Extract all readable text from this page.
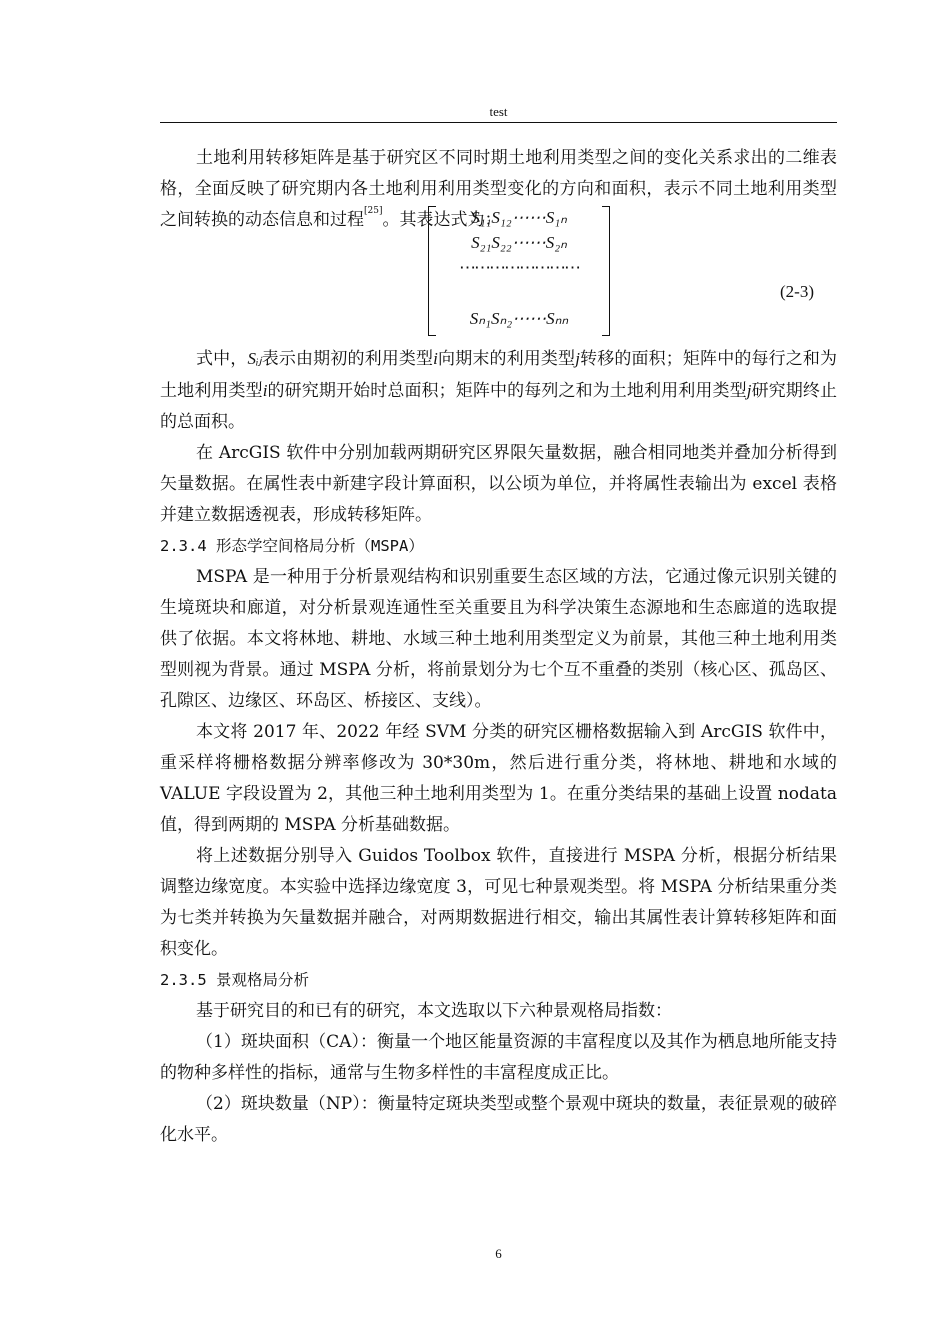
test

土地利用转移矩阵是基于研究区不同时期土地利用类型之间的变化关系求出的二维表格，全面反映了研究期内各土地利用利用类型变化的方向和面积，表示不同土地利用类型之间转换的动态信息和过程[25]。其表达式为：

S₁₁S₁₂⋯⋯S₁ₙ
S₂₁S₂₂⋯⋯S₂ₙ
⋯⋯⋯⋯⋯⋯⋯⋯
Sₙ₁Sₙ₂⋯⋯Sₙₙ
(2-3)

式中，Sᵢⱼ表示由期初的利用类型i向期末的利用类型j转移的面积；矩阵中的每行之和为土地利用类型i的研究期开始时总面积；矩阵中的每列之和为土地利用利用类型j研究期终止的总面积。

在 ArcGIS 软件中分别加载两期研究区界限矢量数据，融合相同地类并叠加分析得到矢量数据。在属性表中新建字段计算面积，以公顷为单位，并将属性表输出为 excel 表格并建立数据透视表，形成转移矩阵。

2.3.4 形态学空间格局分析（MSPA）

MSPA 是一种用于分析景观结构和识别重要生态区域的方法，它通过像元识别关键的生境斑块和廊道，对分析景观连通性至关重要且为科学决策生态源地和生态廊道的选取提供了依据。本文将林地、耕地、水域三种土地利用类型定义为前景，其他三种土地利用类型则视为背景。通过 MSPA 分析，将前景划分为七个互不重叠的类别（核心区、孤岛区、孔隙区、边缘区、环岛区、桥接区、支线）。

本文将 2017 年、2022 年经 SVM 分类的研究区栅格数据输入到 ArcGIS 软件中，重采样将栅格数据分辨率修改为 30*30m，然后进行重分类，将林地、耕地和水域的 VALUE 字段设置为 2，其他三种土地利用类型为 1。在重分类结果的基础上设置 nodata 值，得到两期的 MSPA 分析基础数据。

将上述数据分别导入 Guidos Toolbox 软件，直接进行 MSPA 分析，根据分析结果调整边缘宽度。本实验中选择边缘宽度 3，可见七种景观类型。将 MSPA 分析结果重分类为七类并转换为矢量数据并融合，对两期数据进行相交，输出其属性表计算转移矩阵和面积变化。

2.3.5 景观格局分析

基于研究目的和已有的研究，本文选取以下六种景观格局指数：

（1）斑块面积（CA）：衡量一个地区能量资源的丰富程度以及其作为栖息地所能支持的物种多样性的指标，通常与生物多样性的丰富程度成正比。

（2）斑块数量（NP）：衡量特定斑块类型或整个景观中斑块的数量，表征景观的破碎化水平。

6
